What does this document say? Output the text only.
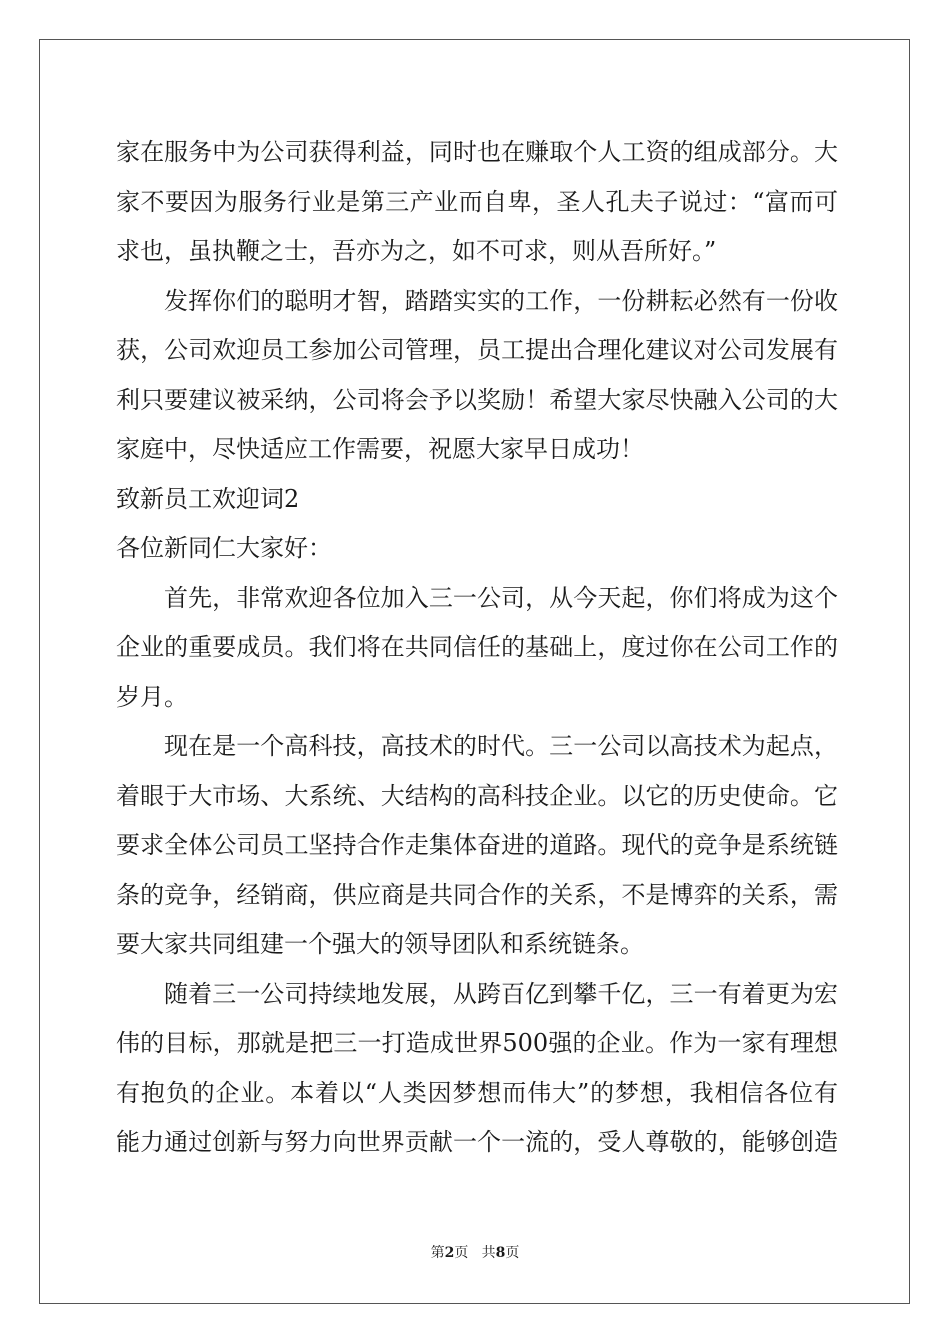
家在服务中为公司获得利益，同时也在赚取个人工资的组成部分。大
家不要因为服务行业是第三产业而自卑，圣人孔夫子说过：“富而可
求也，虽执鞭之士，吾亦为之，如不可求，则从吾所好。”
发挥你们的聪明才智，踏踏实实的工作，一份耕耘必然有一份收
获，公司欢迎员工参加公司管理，员工提出合理化建议对公司发展有
利只要建议被采纳，公司将会予以奖励！希望大家尽快融入公司的大
家庭中，尽快适应工作需要，祝愿大家早日成功！
致新员工欢迎词2
各位新同仁大家好：
首先，非常欢迎各位加入三一公司，从今天起，你们将成为这个
企业的重要成员。我们将在共同信任的基础上，度过你在公司工作的
岁月。
现在是一个高科技，高技术的时代。三一公司以高技术为起点，
着眼于大市场、大系统、大结构的高科技企业。以它的历史使命。它
要求全体公司员工坚持合作走集体奋进的道路。现代的竞争是系统链
条的竞争，经销商，供应商是共同合作的关系，不是博弈的关系，需
要大家共同组建一个强大的领导团队和系统链条。
随着三一公司持续地发展，从跨百亿到攀千亿，三一有着更为宏
伟的目标，那就是把三一打造成世界500强的企业。作为一家有理想
有抱负的企业。本着以“人类因梦想而伟大”的梦想，我相信各位有
能力通过创新与努力向世界贡献一个一流的，受人尊敬的，能够创造
第2页 共8页
